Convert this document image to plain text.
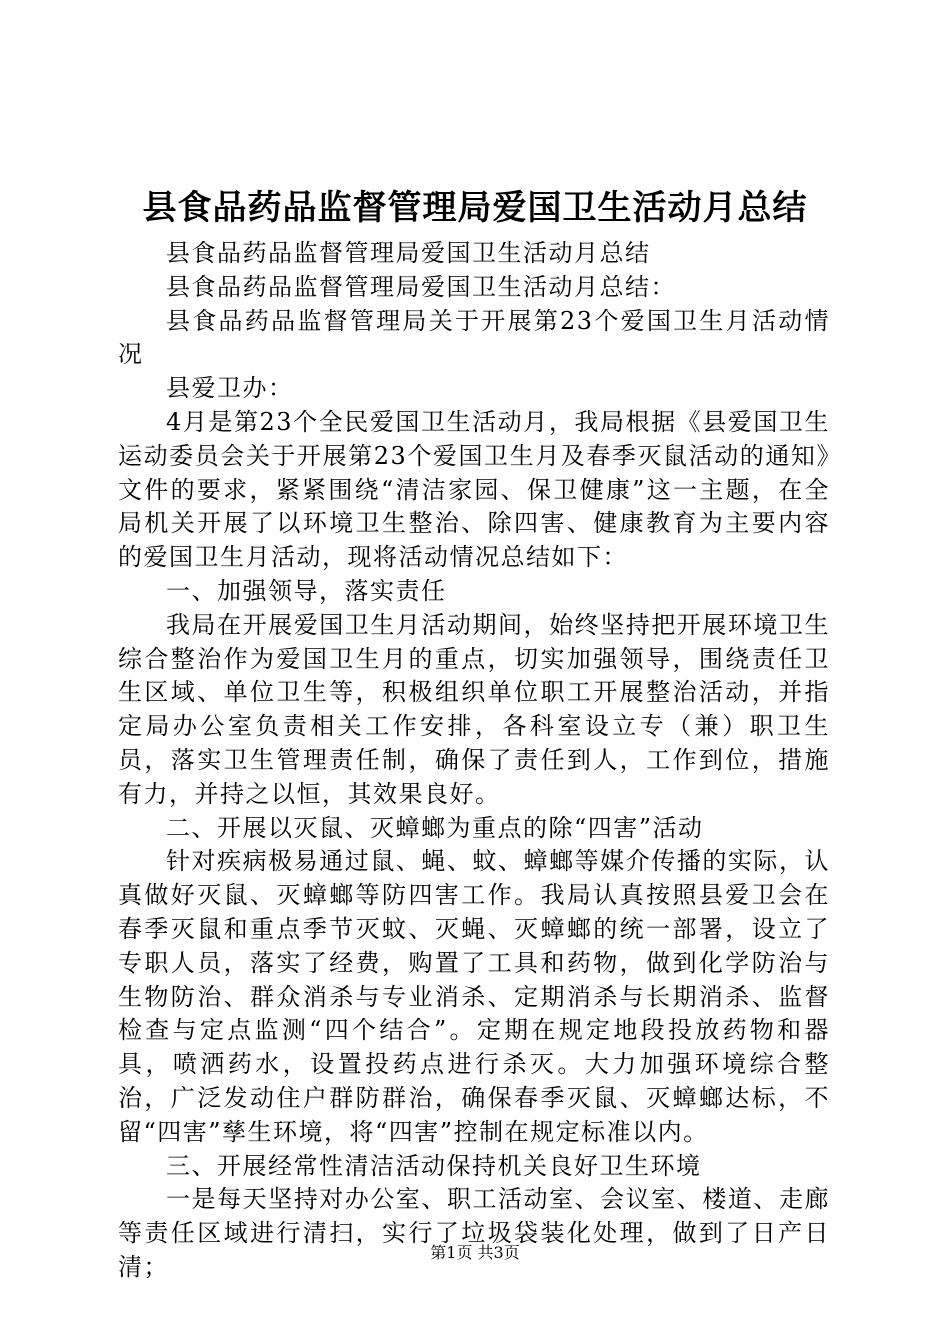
县食品药品监督管理局爱国卫生活动月总结

县食品药品监督管理局爱国卫生活动月总结

县食品药品监督管理局爱国卫生活动月总结：

县食品药品监督管理局关于开展第23个爱国卫生月活动情况

县爱卫办：

4月是第23个全民爱国卫生活动月，我局根据《县爱国卫生运动委员会关于开展第23个爱国卫生月及春季灭鼠活动的通知》文件的要求，紧紧围绕“清洁家园、保卫健康”这一主题，在全局机关开展了以环境卫生整治、除四害、健康教育为主要内容的爱国卫生月活动，现将活动情况总结如下：

一、加强领导，落实责任

我局在开展爱国卫生月活动期间，始终坚持把开展环境卫生综合整治作为爱国卫生月的重点，切实加强领导，围绕责任卫生区域、单位卫生等，积极组织单位职工开展整治活动，并指定局办公室负责相关工作安排，各科室设立专（兼）职卫生员，落实卫生管理责任制，确保了责任到人，工作到位，措施有力，并持之以恒，其效果良好。

二、开展以灭鼠、灭蟑螂为重点的除“四害”活动

针对疾病极易通过鼠、蝇、蚊、蟑螂等媒介传播的实际，认真做好灭鼠、灭蟑螂等防四害工作。我局认真按照县爱卫会在春季灭鼠和重点季节灭蚊、灭蝇、灭蟑螂的统一部署，设立了专职人员，落实了经费，购置了工具和药物，做到化学防治与生物防治、群众消杀与专业消杀、定期消杀与长期消杀、监督检查与定点监测“四个结合”。定期在规定地段投放药物和器具，喷洒药水，设置投药点进行杀灭。大力加强环境综合整治，广泛发动住户群防群治，确保春季灭鼠、灭蟑螂达标，不留“四害”孳生环境，将“四害”控制在规定标准以内。

三、开展经常性清洁活动保持机关良好卫生环境

一是每天坚持对办公室、职工活动室、会议室、楼道、走廊等责任区域进行清扫，实行了垃圾袋装化处理，做到了日产日清；

第1页 共3页
